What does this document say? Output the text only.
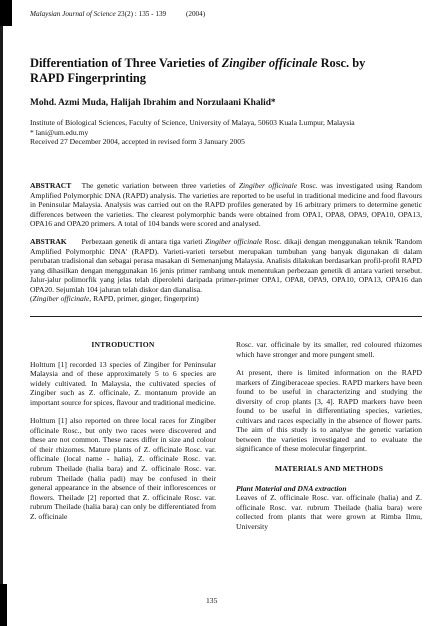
Malaysian Journal of Science 23(2) : 135 - 139	(2004)
Differentiation of Three Varieties of Zingiber officinale Rosc. by RAPD Fingerprinting
Mohd. Azmi Muda, Halijah Ibrahim and Norzulaani Khalid*
Institute of Biological Sciences, Faculty of Science, University of Malaya, 50603 Kuala Lumpur, Malaysia
* lani@um.edu.my
Received 27 December 2004, accepted in revised form 3 January 2005
ABSTRACT The genetic variation between three varieties of Zingiber officinale Rosc. was investigated using Random Amplified Polymorphic DNA (RAPD) analysis. The varieties are reported to be useful in traditional medicine and food flavours in Peninsular Malaysia. Analysis was carried out on the RAPD profiles generated by 16 arbitrary primers to determine genetic differences between the varieties. The clearest polymorphic bands were obtained from OPA1, OPA8, OPA9, OPA10, OPA13, OPA16 and OPA20 primers. A total of 104 bands were scored and analysed.
ABSTRAK Perbezaan genetik di antara tiga varieti Zingiber officinale Rosc. dikaji dengan menggunakan teknik 'Random Amplified Polymorphic DNA' (RAPD). Varieti-varieti tersebut merupakan tumbuhan yang banyak digunakan di dalam perubatan tradisional dan sebagai perasa masakan di Semenanjung Malaysia. Analisis dilakukan berdasarkan profil-profil RAPD yang dihasilkan dengan menggunakan 16 jenis primer rambang untuk menentukan perbezaan genetik di antara varieti tersebut. Jalur-jalur polimorfik yang jelas telah diperolehi daripada primer-primer OPA1, OPA8, OPA9, OPA10, OPA13, OPA16 dan OPA20. Sejumlah 104 jaluran telah diskor dan dianalisa.
(Zingiber officinale, RAPD, primer, ginger, fingerprint)
INTRODUCTION

Holttum [1] recorded 13 species of Zingiber for Peninsular Malaysia and of these approximately 5 to 6 species are widely cultivated. In Malaysia, the cultivated species of Zingiber such as Z. officinale, Z. montanum provide an important source for spices, flavour and traditional medicine.

Holttum [1] also reported on three local races for Zingiber officinale Rosc., but only two races were discovered and these are not common. These races differ in size and colour of their rhizomes. Mature plants of Z. officinale Rosc. var. officinale (local name - halia), Z. officinale Rosc. var. rubrum Theilade (halia bara) and Z. officinale Rosc. var. rubrum Theilade (halia padi) may be confused in their general appearance in the absence of their inflorescences or flowers. Theilade [2] reported that Z. officinale Rosc. var. rubrum Theilade (halia bara) can only be differentiated from Z. officinale

Rosc. var. officinale by its smaller, red coloured rhizomes which have stronger and more pungent smell.

At present, there is limited information on the RAPD markers of Zingiberaceae species. RAPD markers have been found to be useful in characterizing and studying the diversity of crop plants [3, 4]. RAPD markers have been found to be useful in differentiating species, varieties, cultivars and races especially in the absence of flower parts. The aim of this study is to analyse the genetic variation between the varieties investigated and to evaluate the significance of these molecular fingerprint.

MATERIALS AND METHODS
Plant Material and DNA extraction

Leaves of Z. officinale Rosc. var. officinale (halia) and Z. officinale Rosc. var. rubrum Theilade (halia bara) were collected from plants that were grown at Rimba Ilmu, University

135
